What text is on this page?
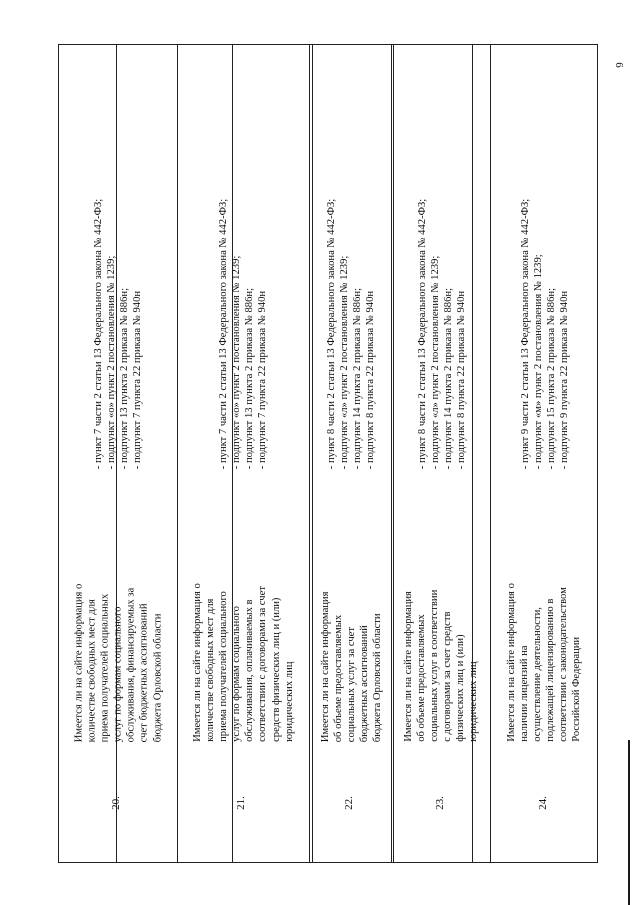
6
20.
Имеется ли на сайте информация о количестве свободных мест для приема получателей социальных услуг по формам социального обслуживания, финансируемых за счет бюджетных ассигнований бюджета Орловской области
- пункт 7 части 2 статьи 13 Федерального закона № 442-ФЗ; - подпункт «о» пункт 2 постановления № 1239; - подпункт 13 пункта 2 приказа № 886н; - подпункт 7 пункта 22 приказа № 940н
21.
Имеется ли на сайте информация о количестве свободных мест для приема получателей социального услуг по формам социального обслуживания, оплачиваемых в соответствии с договорами за счет средств физических лиц и (или) юридических лиц
- пункт 7 части 2 статьи 13 Федерального закона № 442-ФЗ; - подпункт «о» пункт 2 постановления № 1239; - подпункт 13 пункта 2 приказа № 886н; - подпункт 7 пункта 22 приказа № 940н
22.
Имеется ли на сайте информация об объеме предоставляемых социальных услуг за счет бюджетных ассигнований бюджета Орловской области
- пункт 8 части 2 статьи 13 Федерального закона № 442-ФЗ; - подпункт «л» пункт 2 постановления № 1239; - подпункт 14 пункта 2 приказа № 886н; - подпункт 8 пункта 22 приказа № 940н
23.
Имеется ли на сайте информация об объеме предоставляемых социальных услуг в соответствии с договорами за счет средств физических лиц и (или) юридических лиц
- пункт 8 части 2 статьи 13 Федерального закона № 442-ФЗ; - подпункт «л» пункт 2 постановления № 1239; - подпункт 14 пункта 2 приказа № 886н; - подпункт 8 пункта 22 приказа № 940н
24.
Имеется ли на сайте информация о наличии лицензий на осуществление деятельности, подлежащей лицензированию в соответствии с законодательством Российской Федерации
- пункт 9 части 2 статьи 13 Федерального закона № 442-ФЗ; - подпункт «м» пункт 2 постановления № 1239; - подпункт 15 пункта 2 приказа № 886н; - подпункт 9 пункта 22 приказа № 940н
